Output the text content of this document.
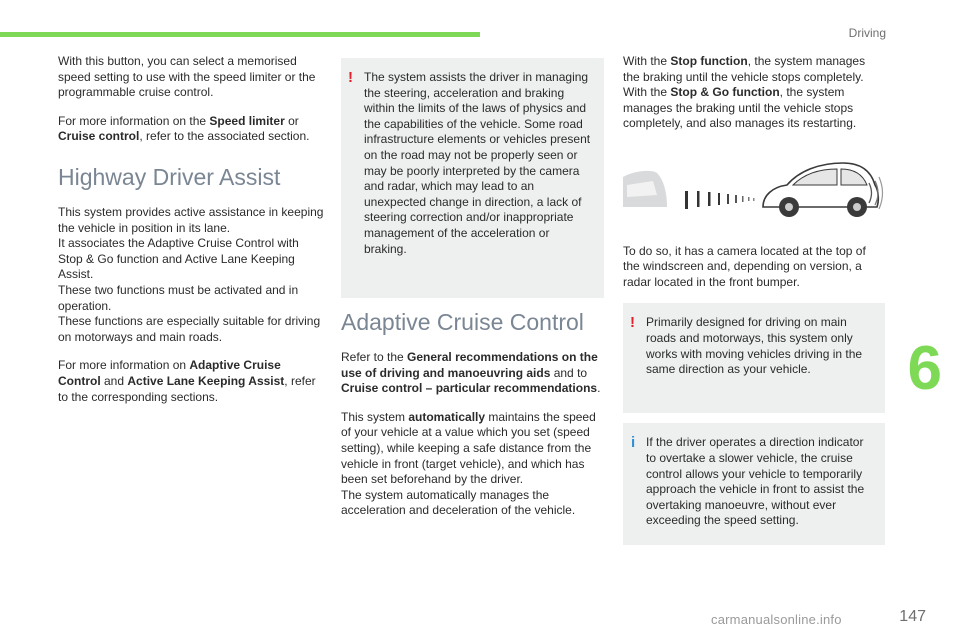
Driving
6

With this button, you can select a memorised speed setting to use with the speed limiter or the programmable cruise control.

For more information on the Speed limiter or Cruise control, refer to the associated section.

Highway Driver Assist

This system provides active assistance in keeping the vehicle in position in its lane.
It associates the Adaptive Cruise Control with Stop & Go function and Active Lane Keeping Assist.
These two functions must be activated and in operation.
These functions are especially suitable for driving on motorways and main roads.

For more information on Adaptive Cruise Control and Active Lane Keeping Assist, refer to the corresponding sections.

! The system assists the driver in managing the steering, acceleration and braking within the limits of the laws of physics and the capabilities of the vehicle. Some road infrastructure elements or vehicles present on the road may not be properly seen or may be poorly interpreted by the camera and radar, which may lead to an unexpected change in direction, a lack of steering correction and/or inappropriate management of the acceleration or braking.
Adaptive Cruise Control

Refer to the General recommendations on the use of driving and manoeuvring aids and to Cruise control – particular recommendations.

This system automatically maintains the speed of your vehicle at a value which you set (speed setting), while keeping a safe distance from the vehicle in front (target vehicle), and which has been set beforehand by the driver.
The system automatically manages the acceleration and deceleration of the vehicle.

With the Stop function, the system manages the braking until the vehicle stops completely.
With the Stop & Go function, the system manages the braking until the vehicle stops completely, and also manages its restarting.

To do so, it has a camera located at the top of the windscreen and, depending on version, a radar located in the front bumper.

! Primarily designed for driving on main roads and motorways, this system only works with moving vehicles driving in the same direction as your vehicle.
i If the driver operates a direction indicator to overtake a slower vehicle, the cruise control allows your vehicle to temporarily approach the vehicle in front to assist the overtaking manoeuvre, without ever exceeding the speed setting.
147
carmanualsonline.info
